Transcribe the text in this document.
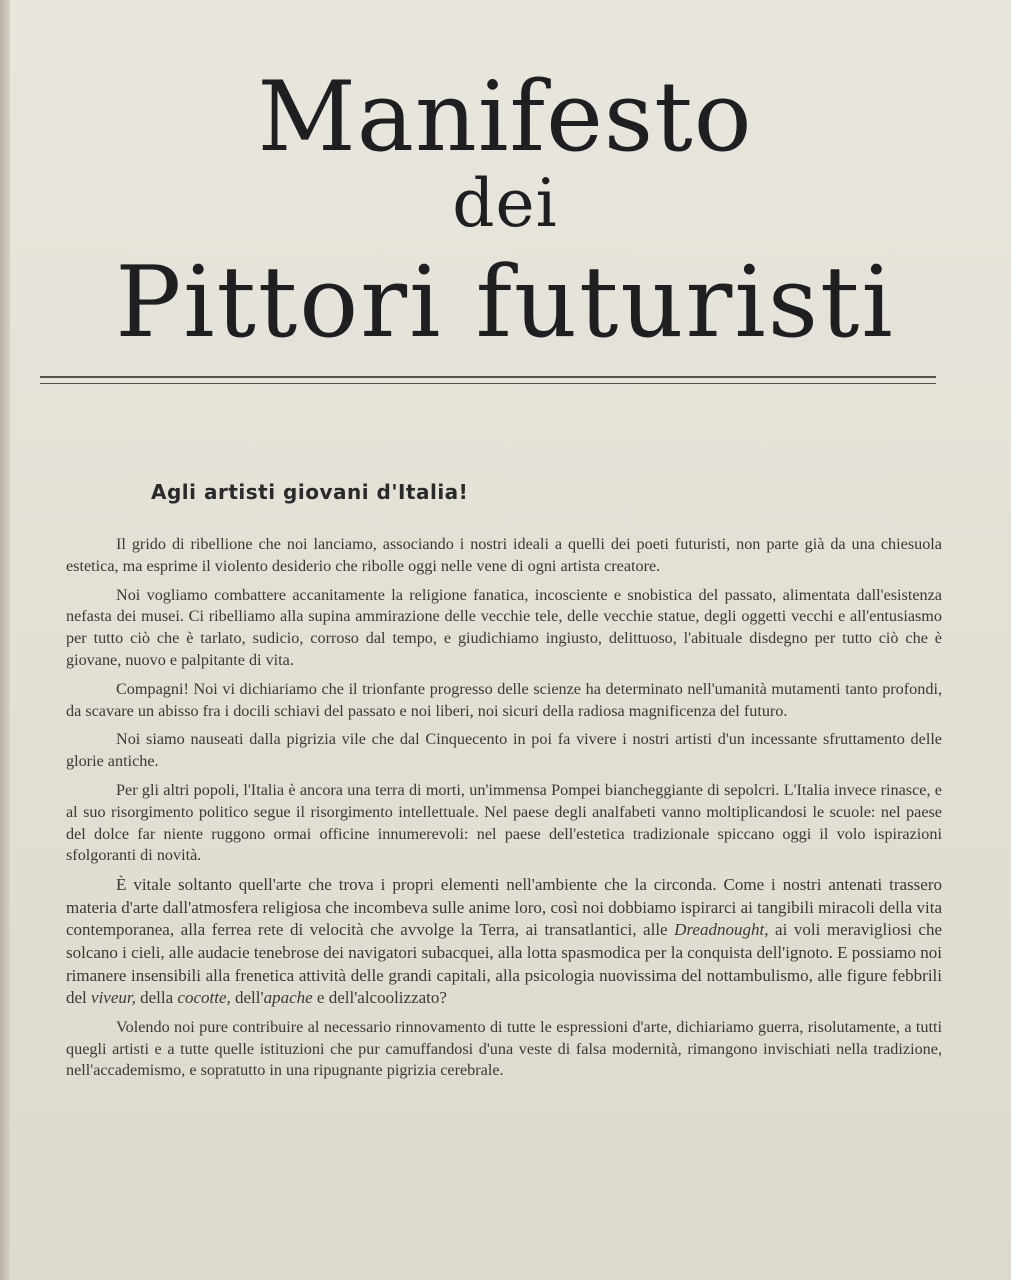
Manifesto
dei
Pittori futuristi
Agli artisti giovani d'Italia!

Il grido di ribellione che noi lanciamo, associando i nostri ideali a quelli dei poeti futuristi, non parte già da una chiesuola estetica, ma esprime il violento desiderio che ribolle oggi nelle vene di ogni artista creatore.

Noi vogliamo combattere accanitamente la religione fanatica, incosciente e snobistica del passato, alimentata dall'esistenza nefasta dei musei. Ci ribelliamo alla supina ammirazione delle vecchie tele, delle vecchie statue, degli oggetti vecchi e all'entusiasmo per tutto ciò che è tarlato, sudicio, corroso dal tempo, e giudichiamo ingiusto, delittuoso, l'abituale disdegno per tutto ciò che è giovane, nuovo e palpitante di vita.

Compagni! Noi vi dichiariamo che il trionfante progresso delle scienze ha determinato nell'umanità mutamenti tanto profondi, da scavare un abisso fra i docili schiavi del passato e noi liberi, noi sicuri della radiosa magnificenza del futuro.

Noi siamo nauseati dalla pigrizia vile che dal Cinquecento in poi fa vivere i nostri artisti d'un incessante sfruttamento delle glorie antiche.

Per gli altri popoli, l'Italia è ancora una terra di morti, un'immensa Pompei biancheggiante di sepolcri. L'Italia invece rinasce, e al suo risorgimento politico segue il risorgimento intellettuale. Nel paese degli analfabeti vanno moltiplicandosi le scuole: nel paese del dolce far niente ruggono ormai officine innumerevoli: nel paese dell'estetica tradizionale spiccano oggi il volo ispirazioni sfolgoranti di novità.

È vitale soltanto quell'arte che trova i propri elementi nell'ambiente che la circonda. Come i nostri antenati trassero materia d'arte dall'atmosfera religiosa che incombeva sulle anime loro, così noi dobbiamo ispirarci ai tangibili miracoli della vita contemporanea, alla ferrea rete di velocità che avvolge la Terra, ai transatlantici, alle Dreadnought, ai voli meravigliosi che solcano i cieli, alle audacie tenebrose dei navigatori subacquei, alla lotta spasmodica per la conquista dell'ignoto. E possiamo noi rimanere insensibili alla frenetica attività delle grandi capitali, alla psicologia nuovissima del nottambulismo, alle figure febbrili del viveur, della cocotte, dell'apache e dell'alcoolizzato?

Volendo noi pure contribuire al necessario rinnovamento di tutte le espressioni d'arte, dichiariamo guerra, risolutamente, a tutti quegli artisti e a tutte quelle istituzioni che pur camuffandosi d'una veste di falsa modernità, rimangono invischiati nella tradizione, nell'accademismo, e sopratutto in una ripugnante pigrizia cerebrale.
